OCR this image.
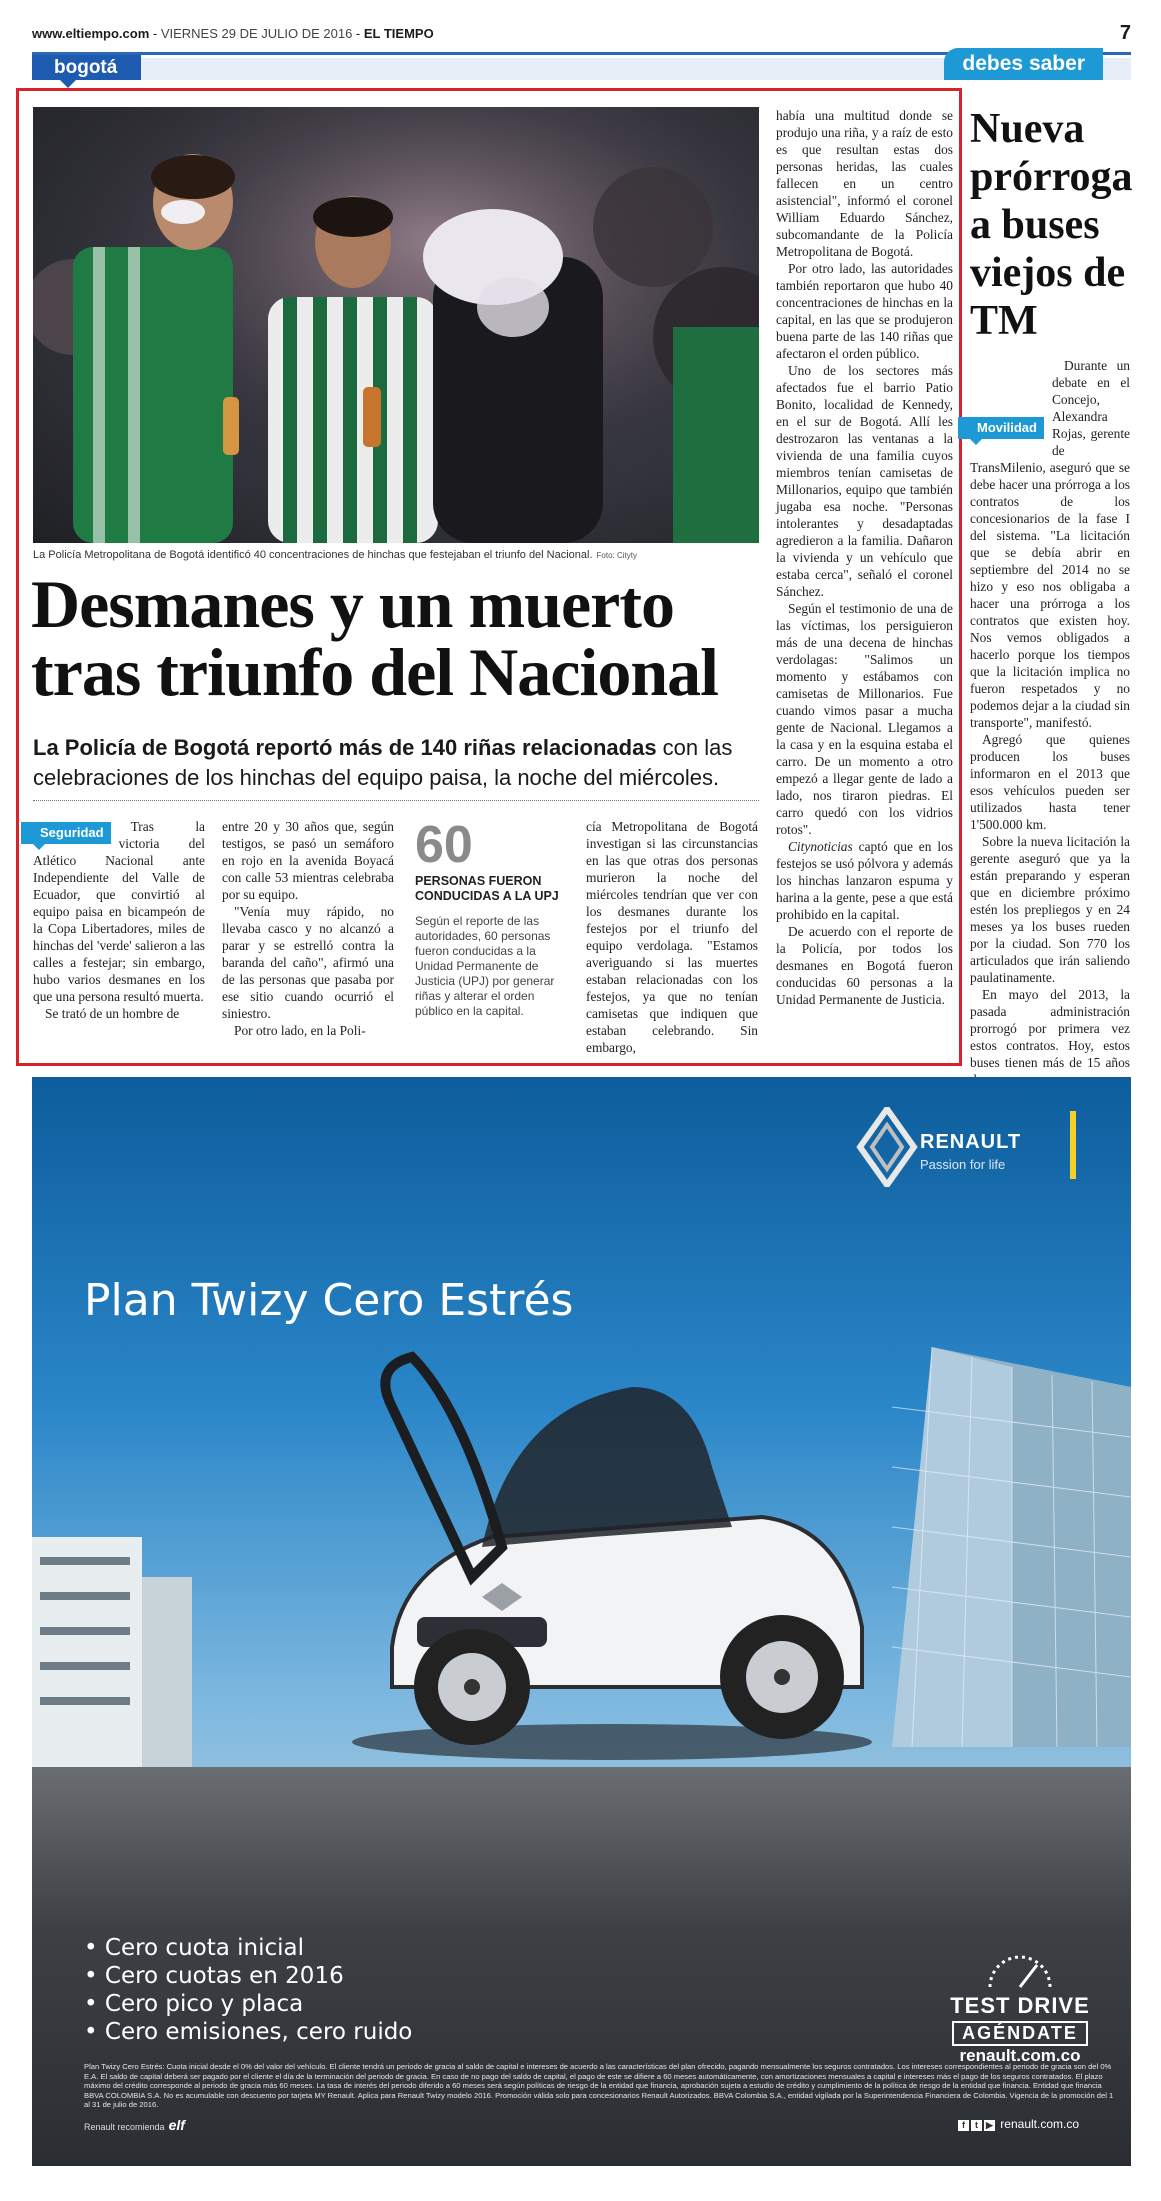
www.eltiempo.com - VIERNES 29 DE JULIO DE 2016 - EL TIEMPO	7
bogotá	debes saber
La Policía Metropolitana de Bogotá identificó 40 concentraciones de hinchas que festejaban el triunfo del Nacional. Foto: Cityty
Desmanes y un muerto tras triunfo del Nacional
La Policía de Bogotá reportó más de 140 riñas relacionadas con las celebraciones de los hinchas del equipo paisa, la noche del miércoles.

Seguridad	Tras la victoria del Atlético Nacional ante Independiente del Valle de Ecuador, que convirtió al equipo paisa en bicampeón de la Copa Libertadores, miles de hinchas del 'verde' salieron a las calles a festejar; sin embargo, hubo varios desmanes en los que una persona resultó muerta.

Se trató de un hombre de

entre 20 y 30 años que, según testigos, se pasó un semáforo en rojo en la avenida Boyacá con calle 53 mientras celebraba por su equipo.

"Venía muy rápido, no llevaba casco y no alcanzó a parar y se estrelló contra la baranda del caño", afirmó una de las personas que pasaba por ese sitio cuando ocurrió el siniestro.

Por otro lado, en la Poli-

60
PERSONAS FUERON CONDUCIDAS A LA UPJ
Según el reporte de las autoridades, 60 personas fueron conducidas a la Unidad Permanente de Justicia (UPJ) por generar riñas y alterar el orden público en la capital.

cía Metropolitana de Bogotá investigan si las circunstancias en las que otras dos personas murieron la noche del miércoles tendrían que ver con los desmanes durante los festejos por el triunfo del equipo verdolaga. "Estamos averiguando si las muertes estaban relacionadas con los festejos, ya que no tenían camisetas que indiquen que estaban celebrando. Sin embargo,

había una multitud donde se produjo una riña, y a raíz de esto es que resultan estas dos personas heridas, las cuales fallecen en un centro asistencial", informó el coronel William Eduardo Sánchez, subcomandante de la Policía Metropolitana de Bogotá.

Por otro lado, las autoridades también reportaron que hubo 40 concentraciones de hinchas en la capital, en las que se produjeron buena parte de las 140 riñas que afectaron el orden público.

Uno de los sectores más afectados fue el barrio Patio Bonito, localidad de Kennedy, en el sur de Bogotá. Allí les destrozaron las ventanas a la vivienda de una familia cuyos miembros tenían camisetas de Millonarios, equipo que también jugaba esa noche. "Personas intolerantes y desadaptadas agredieron a la familia. Dañaron la vivienda y un vehículo que estaba cerca", señaló el coronel Sánchez.

Según el testimonio de una de las víctimas, los persiguieron más de una decena de hinchas verdolagas: "Salimos un momento y estábamos con camisetas de Millonarios. Fue cuando vimos pasar a mucha gente de Nacional. Llegamos a la casa y en la esquina estaba el carro. De un momento a otro empezó a llegar gente de lado a lado, nos tiraron piedras. El carro quedó con los vidrios rotos".

Citynoticias captó que en los festejos se usó pólvora y además los hinchas lanzaron espuma y harina a la gente, pese a que está prohibido en la capital.

De acuerdo con el reporte de la Policía, por todos los desmanes en Bogotá fueron conducidas 60 personas a la Unidad Permanente de Justicia.

Nueva prórroga a buses viejos de TM

Movilidad
Durante un debate en el Concejo, Alexandra Rojas, gerente de TransMilenio, aseguró que se debe hacer una prórroga a los contratos de los concesionarios de la fase I del sistema. "La licitación que se debía abrir en septiembre del 2014 no se hizo y eso nos obligaba a hacer una prórroga a los contratos que existen hoy. Nos vemos obligados a hacerlo porque los tiempos que la licitación implica no fueron respetados y no podemos dejar a la ciudad sin transporte", manifestó.

Agregó que quienes producen los buses informaron en el 2013 que esos vehículos pueden ser utilizados hasta tener 1'500.000 km.

Sobre la nueva licitación la gerente aseguró que ya la están preparando y esperan que en diciembre próximo estén los prepliegos y en 24 meses ya los buses rueden por la ciudad. Son 770 los articulados que irán saliendo paulatinamente.

En mayo del 2013, la pasada administración prorrogó por primera vez estos contratos. Hoy, estos buses tienen más de 15 años

RENAULT
Passion for life
Plan Twizy Cero Estrés
• Cero cuota inicial
• Cero cuotas en 2016
• Cero pico y placa
• Cero emisiones, cero ruido
TEST DRIVE
AGÉNDATE
renault.com.co
Plan Twizy Cero Estrés: Cuota inicial desde el 0% del valor del vehículo. El cliente tendrá un periodo de gracia al saldo de capital e intereses de acuerdo a las características del plan ofrecido, pagando mensualmente los seguros contratados. Los intereses correspondientes al periodo de gracia son del 0% E.A. El saldo de capital deberá ser pagado por el cliente el día de la terminación del periodo de gracia. En caso de no pago del saldo de capital, el pago de este se difiere a 60 meses automáticamente, con amortizaciones mensuales a capital e intereses más el pago de los seguros contratados. El plazo máximo del crédito corresponde al periodo de gracia más 60 meses. La tasa de interés del periodo diferido a 60 meses será según políticas de riesgo de la entidad que financia, aprobación sujeta a estudio de crédito y cumplimiento de la política de riesgo de la entidad que financia. Entidad que financia BBVA COLOMBIA S.A. No es acumulable con descuento por tarjeta MY Renault. Aplica para Renault Twizy modelo 2016. Promoción válida solo para concesionarios Renault Autorizados. BBVA Colombia S.A., entidad vigilada por la Superintendencia Financiera de Colombia. Vigencia de la promoción del 1 al 31 de julio de 2016.
Renault recomienda elf	f t ▶ renault.com.co
